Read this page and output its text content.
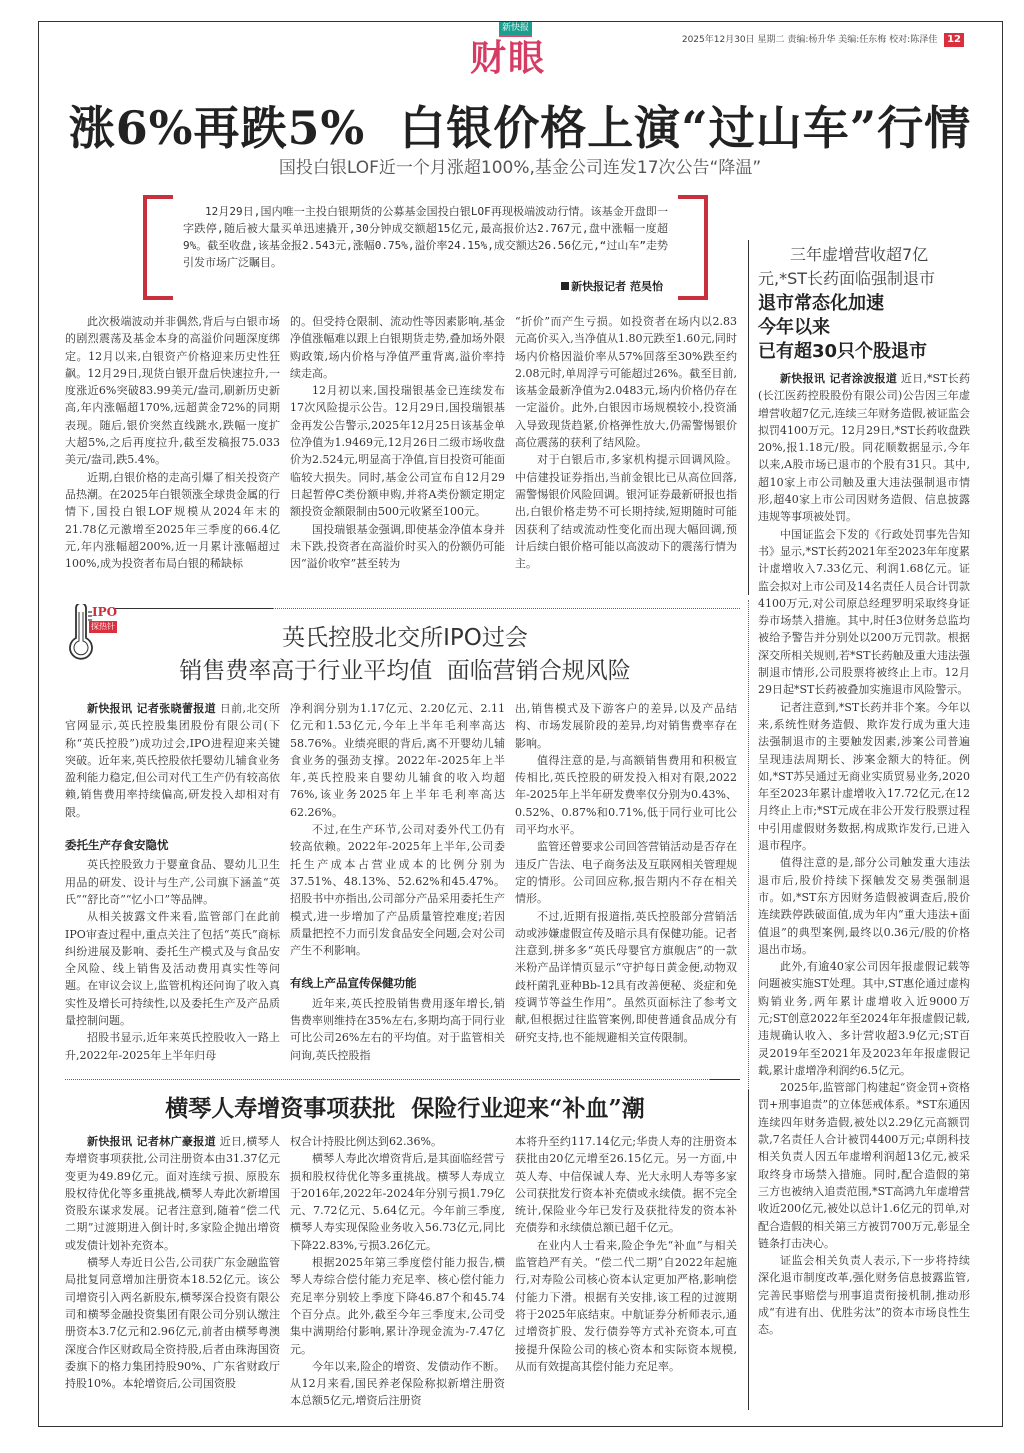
新快报
财眼	2025年12月30日 星期二 责编:杨升华 美编:任东梅 校对:陈泽佳 12
涨6%再跌5%  白银价格上演“过山车”行情
国投白银LOF近一个月涨超100%,基金公司连发17次公告“降温”
12月29日,国内唯一主投白银期货的公募基金国投白银LOF再现极端波动行情。该基金开盘即一字跌停,随后被大量买单迅速撬开,30分钟成交额超15亿元,最高报价达2.767元,盘中涨幅一度超9%。截至收盘,该基金报2.543元,涨幅0.75%,溢价率24.15%,成交额达26.56亿元,“过山车”走势引发市场广泛瞩目。
新快报记者 范昊怡

此次极端波动并非偶然,背后与白银市场的剧烈震荡及基金本身的高溢价问题深度绑定。12月以来,白银资产价格迎来历史性狂飙。12月29日,现货白银开盘后快速拉升,一度涨近6%突破83.99美元/盎司,刷新历史新高,年内涨幅超170%,远超黄金72%的同期表现。随后,银价突然直线跳水,跌幅一度扩大超5%,之后再度拉升,截至发稿报75.033美元/盎司,跌5.4%。

近期,白银价格的走高引爆了相关投资产品热潮。在2025年白银领涨全球贵金属的行情下,国投白银LOF规模从2024年末的21.78亿元激增至2025年三季度的66.4亿元,年内涨幅超200%,近一月累计涨幅超过100%,成为投资者布局白银的稀缺标

的。但受持仓限制、流动性等因素影响,基金净值涨幅难以跟上白银期货走势,叠加场外限购政策,场内价格与净值严重背离,溢价率持续走高。

12月初以来,国投瑞银基金已连续发布17次风险提示公告。12月29日,国投瑞银基金再发公告警示,2025年12月25日该基金单位净值为1.9469元,12月26日二级市场收盘价为2.524元,明显高于净值,盲目投资可能面临较大损失。同时,基金公司宣布自12月29日起暂停C类份额申购,并将A类份额定期定额投资金额限制由500元收紧至100元。

国投瑞银基金强调,即使基金净值本身并未下跌,投资者在高溢价时买入的份额仍可能因“溢价收窄”甚至转为

“折价”而产生亏损。如投资者在场内以2.83元高价买入,当净值从1.80元跌至1.60元,同时场内价格因溢价率从57%回落至30%跌至约2.08元时,单周浮亏可能超过26%。截至目前,该基金最新净值为2.0483元,场内价格仍存在一定溢价。此外,白银因市场规模较小,投资涌入导致现货趋紧,价格弹性放大,仍需警惕银价高位震荡的获利了结风险。

对于白银后市,多家机构提示回调风险。中信建投证券指出,当前金银比已从高位回落,需警惕银价风险回调。银河证券最新研报也指出,白银价格走势不可长期持续,短期随时可能因获利了结或流动性变化而出现大幅回调,预计后续白银价格可能以高波动下的震荡行情为主。

IPO
探热针	英氏控股北交所IPO过会
销售费率高于行业平均值  面临营销合规风险

新快报讯 记者张晓蕾报道 日前,北交所官网显示,英氏控股集团股份有限公司(下称“英氏控股”)成功过会,IPO进程迎来关键突破。近年来,英氏控股依托婴幼儿辅食业务盈利能力稳定,但公司对代工生产仍有较高依赖,销售费用率持续偏高,研发投入却相对有限。

委托生产存食安隐忧

英氏控股致力于婴童食品、婴幼儿卫生用品的研发、设计与生产,公司旗下涵盖“英氏”“舒比奇”“忆小口”等品牌。

从相关披露文件来看,监管部门在此前IPO审查过程中,重点关注了包括“英氏”商标纠纷进展及影响、委托生产模式及与食品安全风险、线上销售及活动费用真实性等问题。在审议会议上,监管机构还问询了收入真实性及增长可持续性,以及委托生产及产品质量控制问题。

招股书显示,近年来英氏控股收入一路上升,2022年-2025年上半年归母

净利润分别为1.17亿元、2.20亿元、2.11亿元和1.53亿元,今年上半年毛利率高达58.76%。业绩亮眼的背后,离不开婴幼儿辅食业务的强劲支撑。2022年-2025年上半年,英氏控股来自婴幼儿辅食的收入均超76%,该业务2025年上半年毛利率高达62.26%。

不过,在生产环节,公司对委外代工仍有较高依赖。2022年-2025年上半年,公司委托生产成本占营业成本的比例分别为37.51%、48.13%、52.62%和45.47%。招股书中亦指出,公司部分产品采用委托生产模式,进一步增加了产品质量管控难度;若因质量把控不力而引发食品安全问题,会对公司产生不利影响。

有线上产品宣传保健功能

近年来,英氏控股销售费用逐年增长,销售费率则维持在35%左右,多期均高于同行业可比公司26%左右的平均值。对于监管相关问询,英氏控股指

出,销售模式及下游客户的差异,以及产品结构、市场发展阶段的差异,均对销售费率存在影响。

值得注意的是,与高额销售费用和积极宣传相比,英氏控股的研发投入相对有限,2022年-2025年上半年研发费率仅分别为0.43%、0.52%、0.87%和0.71%,低于同行业可比公司平均水平。

监管还曾要求公司回答营销活动是否存在违反广告法、电子商务法及互联网相关管理规定的情形。公司回应称,报告期内不存在相关情形。

不过,近期有报道指,英氏控股部分营销活动或涉嫌虚假宣传及暗示具有保健功能。记者注意到,拼多多“英氏母婴官方旗舰店”的一款米粉产品详情页显示“守护每日黄金便,动物双歧杆菌乳亚种Bb-12具有改善便秘、炎症和免疫调节等益生作用”。虽然页面标注了参考文献,但根据过往监管案例,即使普通食品成分有研究支持,也不能规避相关宣传限制。

横琴人寿增资事项获批  保险行业迎来“补血”潮

新快报讯 记者林广豪报道 近日,横琴人寿增资事项获批,公司注册资本由31.37亿元变更为49.89亿元。面对连续亏损、原股东股权待优化等多重挑战,横琴人寿此次新增国资股东谋求发展。记者注意到,随着“偿二代二期”过渡期进入倒计时,多家险企抛出增资或发债计划补充资本。

横琴人寿近日公告,公司获广东金融监管局批复同意增加注册资本18.52亿元。该公司增资引入两名新股东,横琴深合投资有限公司和横琴金融投资集团有限公司分别认缴注册资本3.7亿元和2.96亿元,前者由横琴粤澳深度合作区财政局全资持股,后者由珠海国资委旗下的格力集团持股90%、广东省财政厅持股10%。本轮增资后,公司国资股

权合计持股比例达到62.36%。

横琴人寿此次增资背后,是其面临经营亏损和股权待优化等多重挑战。横琴人寿成立于2016年,2022年-2024年分别亏损1.79亿元、7.72亿元、5.64亿元。今年前三季度,横琴人寿实现保险业务收入56.73亿元,同比下降22.83%,亏损3.26亿元。

根据2025年第三季度偿付能力报告,横琴人寿综合偿付能力充足率、核心偿付能力充足率分别较上季度下降46.87个和45.74个百分点。此外,截至今年三季度末,公司受集中满期给付影响,累计净现金流为-7.47亿元。

今年以来,险企的增资、发债动作不断。从12月来看,国民养老保险称拟新增注册资本总额5亿元,增资后注册资

本将升至约117.14亿元;华贵人寿的注册资本获批由20亿元增至26.15亿元。另一方面,中英人寿、中信保诚人寿、光大永明人寿等多家公司获批发行资本补充债或永续债。据不完全统计,保险业今年已发行及获批待发的资本补充债券和永续债总额已超千亿元。

在业内人士看来,险企争先“补血”与相关监管趋严有关。“偿二代二期”自2022年起施行,对寿险公司核心资本认定更加严格,影响偿付能力下滑。根据有关安排,该工程的过渡期将于2025年底结束。中航证券分析师表示,通过增资扩股、发行债券等方式补充资本,可直接提升保险公司的核心资本和实际资本规模,从而有效提高其偿付能力充足率。

三年虚增营收超7亿元,*ST长药面临强制退市
退市常态化加速
今年以来
已有超30只个股退市

新快报讯 记者涂波报道 近日,*ST长药(长江医药控股股份有限公司)公告因三年虚增营收超7亿元,连续三年财务造假,被证监会拟罚4100万元。12月29日,*ST长药收盘跌20%,报1.18元/股。同花顺数据显示,今年以来,A股市场已退市的个股有31只。其中,超10家上市公司触及重大违法强制退市情形,超40家上市公司因财务造假、信息披露违规等事项被处罚。

中国证监会下发的《行政处罚事先告知书》显示,*ST长药2021年至2023年年度累计虚增收入7.33亿元、利润1.68亿元。证监会拟对上市公司及14名责任人员合计罚款4100万元,对公司原总经理罗明采取终身证券市场禁入措施。其中,时任3位财务总监均被给予警告并分别处以200万元罚款。根据深交所相关规则,若*ST长药触及重大违法强制退市情形,公司股票将被终止上市。12月29日起*ST长药被叠加实施退市风险警示。

记者注意到,*ST长药并非个案。今年以来,系统性财务造假、欺诈发行成为重大违法强制退市的主要触发因素,涉案公司普遍呈现违法周期长、涉案金额大的特征。例如,*ST苏吴通过无商业实质贸易业务,2020年至2023年累计虚增收入17.72亿元,在12月终止上市;*ST元成在非公开发行股票过程中引用虚假财务数据,构成欺诈发行,已进入退市程序。

值得注意的是,部分公司触发重大违法退市后,股价持续下探触发交易类强制退市。如,*ST东方因财务造假被调查后,股价连续跌停跌破面值,成为年内“重大违法+面值退”的典型案例,最终以0.36元/股的价格退出市场。

此外,有逾40家公司因年报虚假记载等问题被实施ST处理。其中,ST惠伦通过虚构购销业务,两年累计虚增收入近9000万元;ST创意2022年至2024年年报虚假记载,违规确认收入、多计营收超3.9亿元;ST百灵2019年至2021年及2023年年报虚假记载,累计虚增净利润约6.5亿元。

2025年,监管部门构建起“资金罚+资格罚+刑事追责”的立体惩戒体系。*ST东通因连续四年财务造假,被处以2.29亿元高额罚款,7名责任人合计被罚4400万元;卓朗科技相关负责人因五年虚增利润超13亿元,被采取终身市场禁入措施。同时,配合造假的第三方也被纳入追责范围,*ST高鸿九年虚增营收近200亿元,被处以总计1.6亿元的罚单,对配合造假的相关第三方被罚700万元,彰显全链条打击决心。

证监会相关负责人表示,下一步将持续深化退市制度改革,强化财务信息披露监管,完善民事赔偿与刑事追责衔接机制,推动形成“有进有出、优胜劣汰”的资本市场良性生态。
